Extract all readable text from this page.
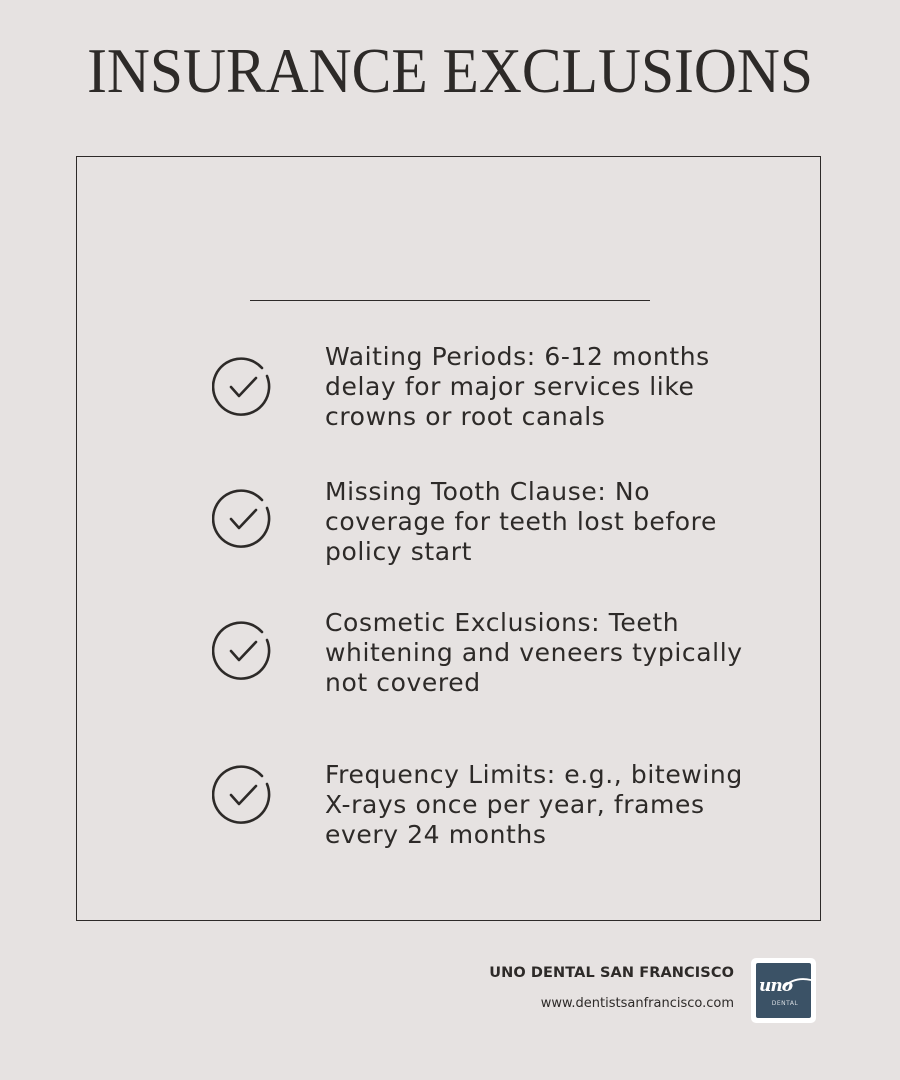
INSURANCE EXCLUSIONS
Waiting Periods: 6-12 months delay for major services like crowns or root canals
Missing Tooth Clause: No coverage for teeth lost before policy start
Cosmetic Exclusions: Teeth whitening and veneers typically not covered
Frequency Limits: e.g., bitewing X-rays once per year, frames every 24 months
UNO DENTAL SAN FRANCISCO
www.dentistsanfrancisco.com
uno
DENTAL
